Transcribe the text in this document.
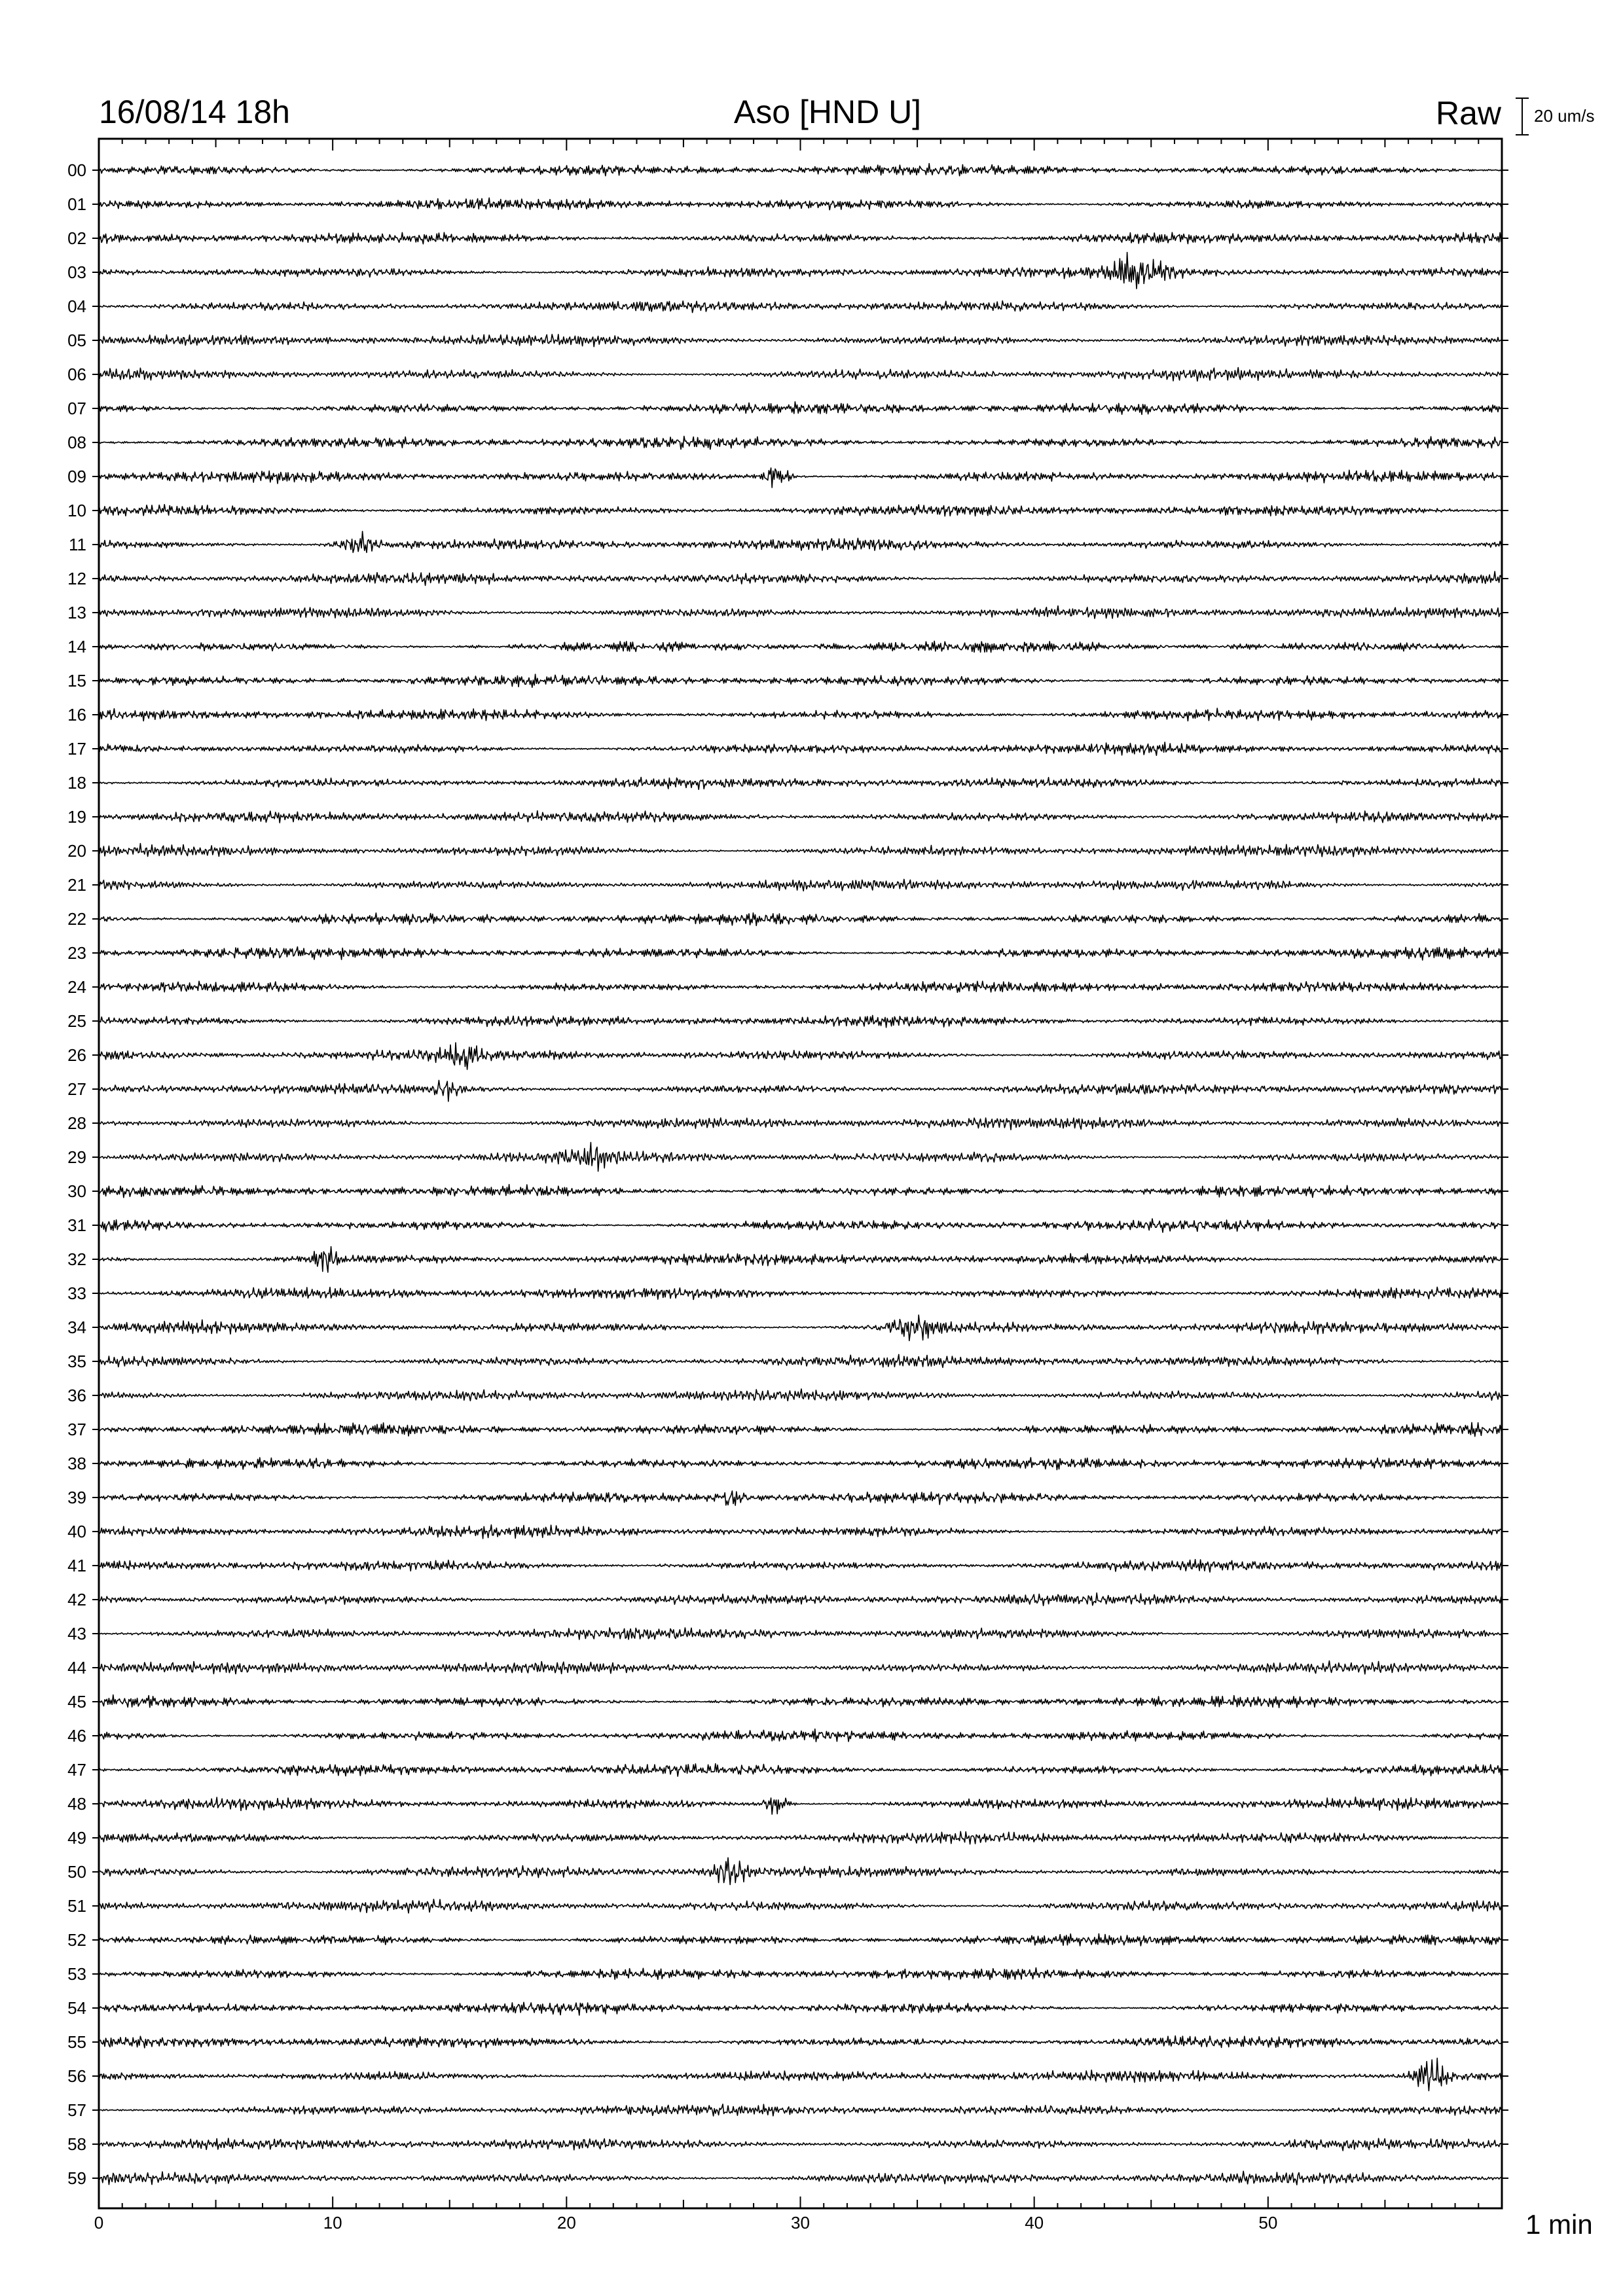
16/08/14 18h	Aso [HND U]	Raw 20 um/s
00
01
02
03
04
05
06
07
08
09
10
11
12
13
14
15
16
17
18
19
20
21
22
23
24
25
26
27
28
29
30
31
32
33
34
35
36
37
38
39
40
41
42
43
44
45
46
47
48
49
50
51
52
53
54
55
56
57
58
59
0	10	20	30	40	50	1 min
